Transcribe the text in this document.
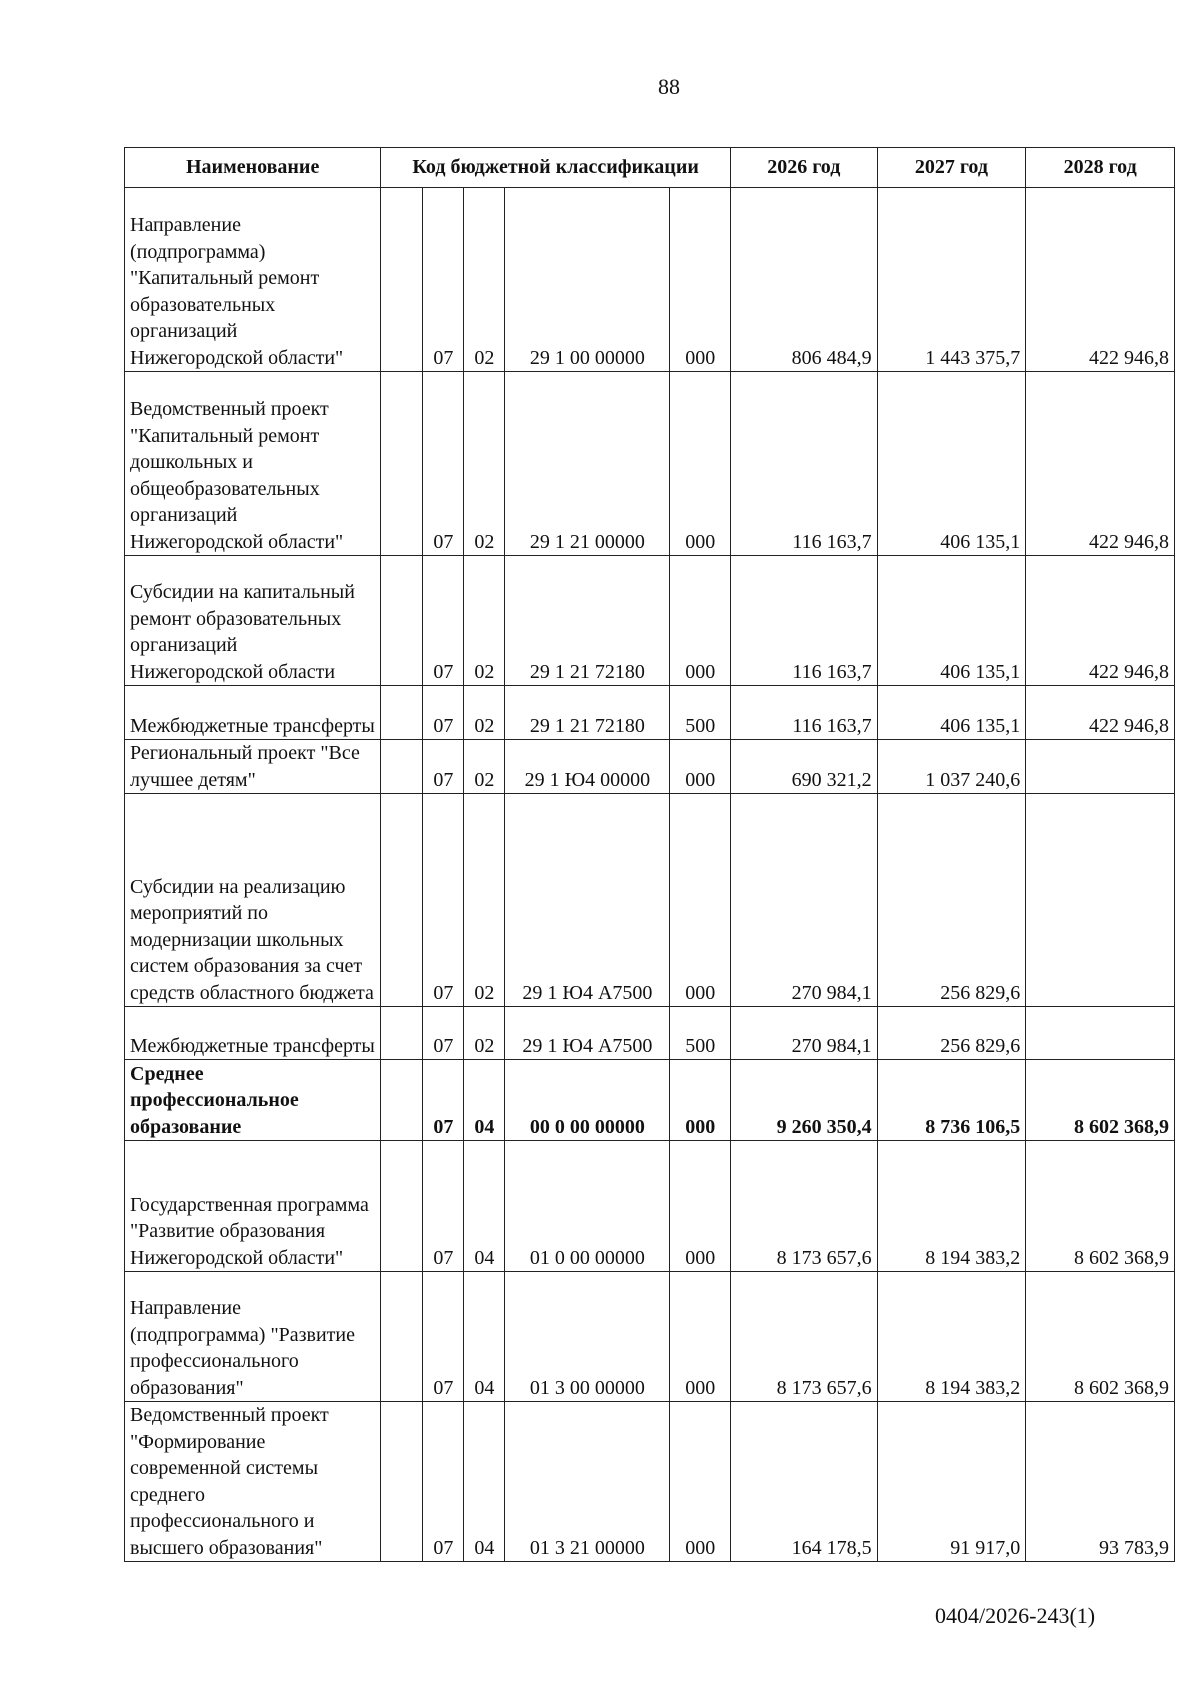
88
Наименование	Код бюджетной классификации					2026 год	2027 год	2028 год
Направление (подпрограмма) "Капитальный ремонт образовательных организаций Нижегородской области"		07	02	29 1 00 00000	000	806 484,9	1 443 375,7	422 946,8
Ведомственный проект "Капитальный ремонт дошкольных и общеобразовательных организаций Нижегородской области"		07	02	29 1 21 00000	000	116 163,7	406 135,1	422 946,8
Субсидии на капитальный ремонт образовательных организаций Нижегородской области		07	02	29 1 21 72180	000	116 163,7	406 135,1	422 946,8
Межбюджетные трансферты		07	02	29 1 21 72180	500	116 163,7	406 135,1	422 946,8
Региональный проект "Все лучшее детям"		07	02	29 1 Ю4 00000	000	690 321,2	1 037 240,6	
Субсидии на реализацию мероприятий по модернизации школьных систем образования за счет средств областного бюджета		07	02	29 1 Ю4 А7500	000	270 984,1	256 829,6	
Межбюджетные трансферты		07	02	29 1 Ю4 А7500	500	270 984,1	256 829,6	
Среднее профессиональное образование		07	04	00 0 00 00000	000	9 260 350,4	8 736 106,5	8 602 368,9
Государственная программа "Развитие образования Нижегородской области"		07	04	01 0 00 00000	000	8 173 657,6	8 194 383,2	8 602 368,9
Направление (подпрограмма) "Развитие профессионального образования"		07	04	01 3 00 00000	000	8 173 657,6	8 194 383,2	8 602 368,9
Ведомственный проект "Формирование современной системы среднего профессионального и высшего образования"		07	04	01 3 21 00000	000	164 178,5	91 917,0	93 783,9
0404/2026-243(1)
